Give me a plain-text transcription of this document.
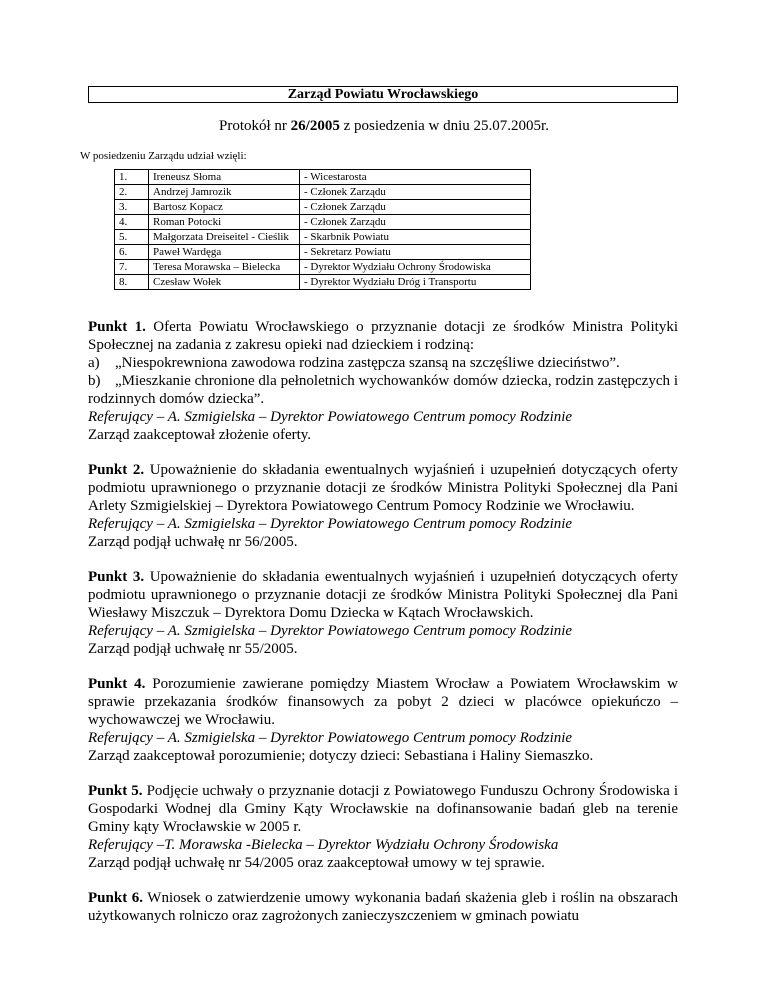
Zarząd Powiatu Wrocławskiego
Protokół nr 26/2005 z posiedzenia w dniu 25.07.2005r.
W posiedzeniu Zarządu udział wzięli:
1.	Ireneusz Słoma	- Wicestarosta
2.	Andrzej Jamrozik	- Członek Zarządu
3.	Bartosz Kopacz	- Członek Zarządu
4.	Roman Potocki	- Członek Zarządu
5.	Małgorzata Dreiseitel - Cieślik	- Skarbnik Powiatu
6.	Paweł Wardęga	- Sekretarz Powiatu
7.	Teresa Morawska – Bielecka	- Dyrektor Wydziału Ochrony Środowiska
8.	Czesław Wołek	- Dyrektor Wydziału Dróg i Transportu

Punkt 1. Oferta Powiatu Wrocławskiego o przyznanie dotacji ze środków Ministra Polityki Społecznej na zadania z zakresu opieki nad dzieckiem i rodziną:
a) „Niespokrewniona zawodowa rodzina zastępcza szansą na szczęśliwe dzieciństwo”.
b) „Mieszkanie chronione dla pełnoletnich wychowanków domów dziecka, rodzin zastępczych i rodzinnych domów dziecka”.
Referujący – A. Szmigielska – Dyrektor Powiatowego Centrum pomocy Rodzinie
Zarząd zaakceptował złożenie oferty.

Punkt 2. Upoważnienie do składania ewentualnych wyjaśnień i uzupełnień dotyczących oferty podmiotu uprawnionego o przyznanie dotacji ze środków Ministra Polityki Społecznej dla Pani Arlety Szmigielskiej – Dyrektora Powiatowego Centrum Pomocy Rodzinie we Wrocławiu.
Referujący – A. Szmigielska – Dyrektor Powiatowego Centrum pomocy Rodzinie
Zarząd podjął uchwałę nr 56/2005.

Punkt 3. Upoważnienie do składania ewentualnych wyjaśnień i uzupełnień dotyczących oferty podmiotu uprawnionego o przyznanie dotacji ze środków Ministra Polityki Społecznej dla Pani Wiesławy Miszczuk – Dyrektora Domu Dziecka w Kątach Wrocławskich.
Referujący – A. Szmigielska – Dyrektor Powiatowego Centrum pomocy Rodzinie
Zarząd podjął uchwałę nr 55/2005.

Punkt 4. Porozumienie zawierane pomiędzy Miastem Wrocław a Powiatem Wrocławskim w sprawie przekazania środków finansowych za pobyt 2 dzieci w placówce opiekuńczo – wychowawczej we Wrocławiu.
Referujący – A. Szmigielska – Dyrektor Powiatowego Centrum pomocy Rodzinie
Zarząd zaakceptował porozumienie; dotyczy dzieci: Sebastiana i Haliny Siemaszko.

Punkt 5. Podjęcie uchwały o przyznanie dotacji z Powiatowego Funduszu Ochrony Środowiska i Gospodarki Wodnej dla Gminy Kąty Wrocławskie na dofinansowanie badań gleb na terenie Gminy kąty Wrocławskie w 2005 r.
Referujący –T. Morawska -Bielecka – Dyrektor Wydziału Ochrony Środowiska
Zarząd podjął uchwałę nr 54/2005 oraz zaakceptował umowy w tej sprawie.

Punkt 6. Wniosek o zatwierdzenie umowy wykonania badań skażenia gleb i roślin na obszarach użytkowanych rolniczo oraz zagrożonych zanieczyszczeniem w gminach powiatu
